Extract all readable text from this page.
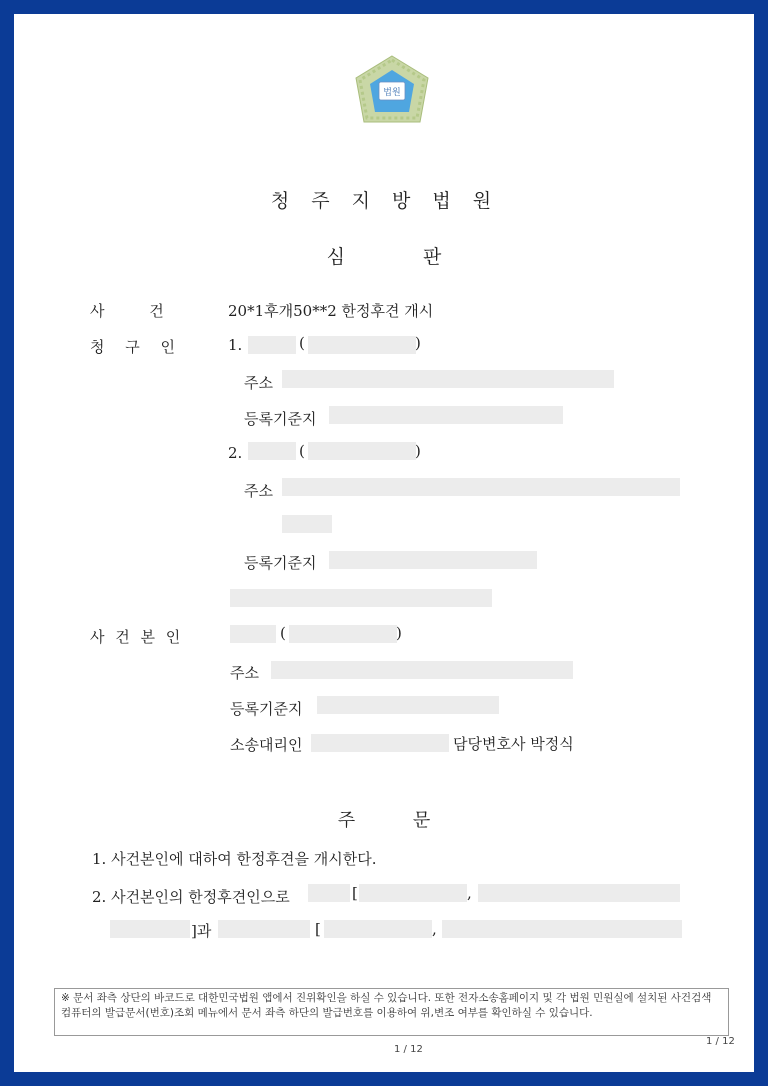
법원
청 주 지 방 법 원
심 판
사 건	20*1후개50**2 한정후견 개시
청 구 인	1.	(	)
주소
등록기준지
2.	(	)
주소
등록기준지
사 건 본 인	(	)
주소
등록기준지
소송대리인	담당변호사 박정식
주 문
1. 사건본인에 대하여 한정후견을 개시한다.
2. 사건본인의 한정후견인으로	[	,
]과	[	,
※ 문서 좌측 상단의 바코드로 대한민국법원 앱에서 진위확인을 하실 수 있습니다. 또한 전자소송홈페이지 및 각 법원 민원실에 설치된 사건검색 컴퓨터의 발급문서(번호)조회 메뉴에서 문서 좌측 하단의 발급번호를 이용하여 위,변조 여부를 확인하실 수 있습니다.
1 / 12
1 / 12
